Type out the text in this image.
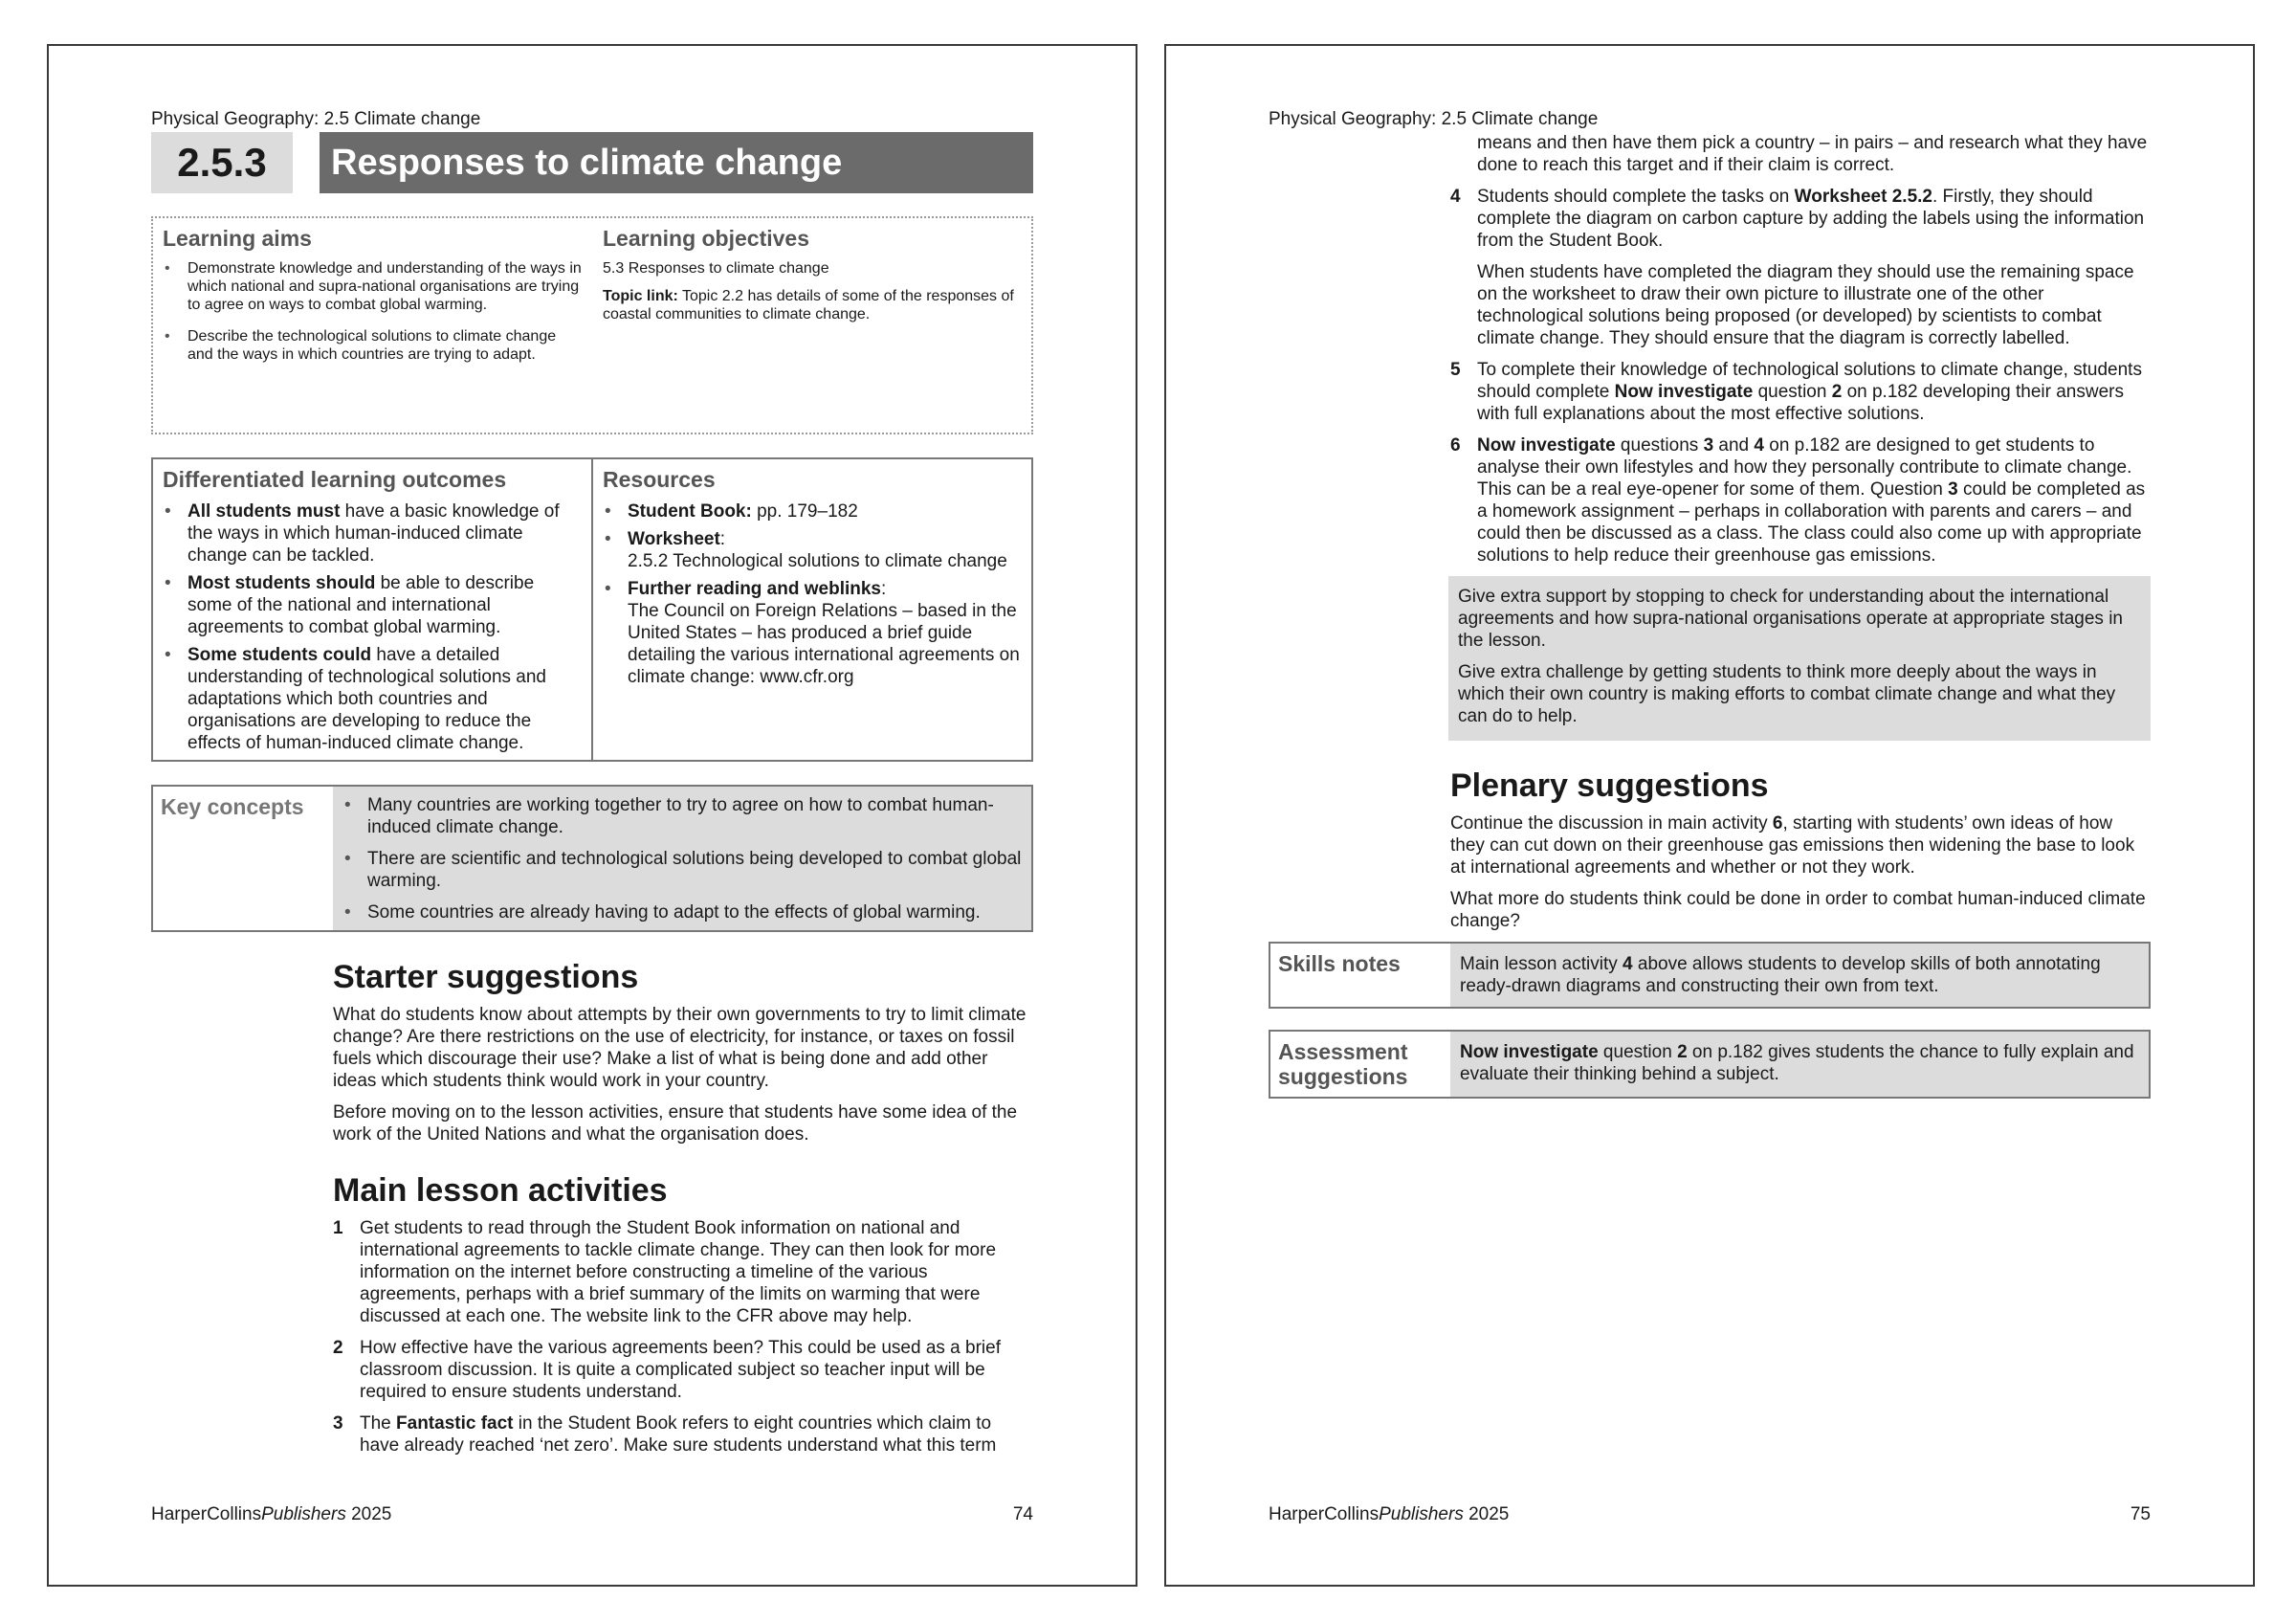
Physical Geography: 2.5 Climate change
2.5.3	Responses to climate change
Learning aims
• Demonstrate knowledge and understanding of the ways in which national and supra-national organisations are trying to agree on ways to combat global warming.
• Describe the technological solutions to climate change and the ways in which countries are trying to adapt.
Learning objectives
5.3 Responses to climate change
Topic link: Topic 2.2 has details of some of the responses of coastal communities to climate change.
Differentiated learning outcomes
• All students must have a basic knowledge of the ways in which human-induced climate change can be tackled.
• Most students should be able to describe some of the national and international agreements to combat global warming.
• Some students could have a detailed understanding of technological solutions and adaptations which both countries and organisations are developing to reduce the effects of human-induced climate change.
Resources
• Student Book: pp. 179–182
• Worksheet:
2.5.2 Technological solutions to climate change
• Further reading and weblinks:
The Council on Foreign Relations – based in the United States – has produced a brief guide detailing the various international agreements on climate change: www.cfr.org
Key concepts
•	Many countries are working together to try to agree on how to combat human-induced climate change.
• There are scientific and technological solutions being developed to combat global warming.
• Some countries are already having to adapt to the effects of global warming.
Starter suggestions
What do students know about attempts by their own governments to try to limit climate change? Are there restrictions on the use of electricity, for instance, or taxes on fossil fuels which discourage their use? Make a list of what is being done and add other ideas which students think would work in your country.
Before moving on to the lesson activities, ensure that students have some idea of the work of the United Nations and what the organisation does.
Main lesson activities
1 Get students to read through the Student Book information on national and international agreements to tackle climate change. They can then look for more information on the internet before constructing a timeline of the various agreements, perhaps with a brief summary of the limits on warming that were discussed at each one. The website link to the CFR above may help.
2 How effective have the various agreements been? This could be used as a brief classroom discussion. It is quite a complicated subject so teacher input will be required to ensure students understand.
3 The Fantastic fact in the Student Book refers to eight countries which claim to have already reached ‘net zero’. Make sure students understand what this term
HarperCollinsPublishers 2025	74
Physical Geography: 2.5 Climate change
means and then have them pick a country – in pairs – and research what they have done to reach this target and if their claim is correct.
4 Students should complete the tasks on Worksheet 2.5.2. Firstly, they should complete the diagram on carbon capture by adding the labels using the information from the Student Book.
When students have completed the diagram they should use the remaining space on the worksheet to draw their own picture to illustrate one of the other technological solutions being proposed (or developed) by scientists to combat climate change. They should ensure that the diagram is correctly labelled.
5 To complete their knowledge of technological solutions to climate change, students should complete Now investigate question 2 on p.182 developing their answers with full explanations about the most effective solutions.
6 Now investigate questions 3 and 4 on p.182 are designed to get students to analyse their own lifestyles and how they personally contribute to climate change. This can be a real eye-opener for some of them. Question 3 could be completed as a homework assignment – perhaps in collaboration with parents and carers – and could then be discussed as a class. The class could also come up with appropriate solutions to help reduce their greenhouse gas emissions.
Give extra support by stopping to check for understanding about the international agreements and how supra-national organisations operate at appropriate stages in the lesson.
Give extra challenge by getting students to think more deeply about the ways in which their own country is making efforts to combat climate change and what they can do to help.
Plenary suggestions
Continue the discussion in main activity 6, starting with students’ own ideas of how they can cut down on their greenhouse gas emissions then widening the base to look at international agreements and whether or not they work.
What more do students think could be done in order to combat human-induced climate change?
Skills notes	Main lesson activity 4 above allows students to develop skills of both annotating ready-drawn diagrams and constructing their own from text.
Assessment
suggestions
Now investigate question 2 on p.182 gives students the chance to fully explain and evaluate their thinking behind a subject.
HarperCollinsPublishers 2025	75
